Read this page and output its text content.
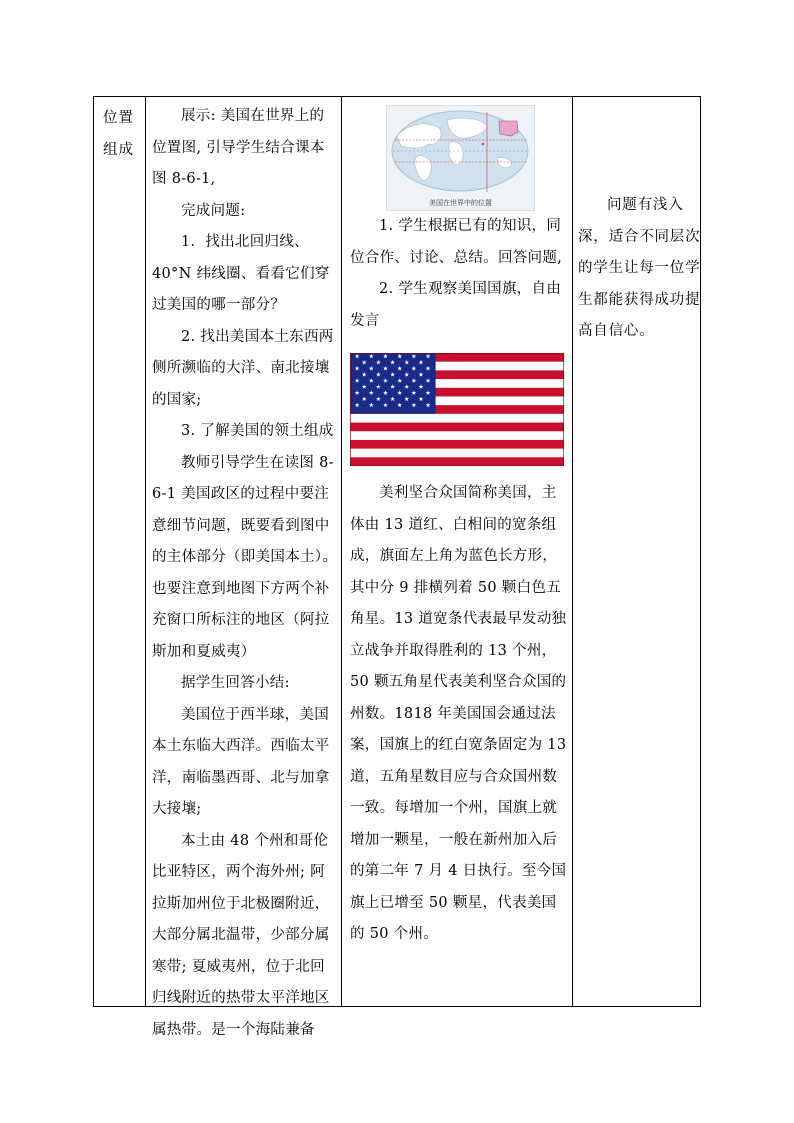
位置

组成

展示: 美国在世界上的位置图, 引导学生结合课本图 8-6-1,

完成问题:

1．找出北回归线、40°N 纬线圈、看看它们穿过美国的哪一部分？

2. 找出美国本土东西两侧所濒临的大洋、南北接壤的国家;

3. 了解美国的领土组成

教师引导学生在读图 8-6-1 美国政区的过程中要注意细节问题，既要看到图中的主体部分（即美国本土）。也要注意到地图下方两个补充窗口所标注的地区（阿拉斯加和夏威夷）

据学生回答小结:

美国位于西半球，美国本土东临大西洋。西临太平洋，南临墨西哥、北与加拿大接壤;

本土由 48 个州和哥伦比亚特区，两个海外州; 阿拉斯加州位于北极圈附近，大部分属北温带，少部分属寒带; 夏威夷州，位于北回归线附近的热带太平洋地区属热带。是一个海陆兼备

美国在世界中的位置

1. 学生根据已有的知识，同位合作、讨论、总结。回答问题,

2. 学生观察美国国旗，自由发言

美利坚合众国简称美国，主体由 13 道红、白相间的宽条组成，旗面左上角为蓝色长方形，其中分 9 排横列着 50 颗白色五角星。13 道宽条代表最早发动独立战争并取得胜利的 13 个州，50 颗五角星代表美利坚合众国的州数。1818 年美国国会通过法案，国旗上的红白宽条固定为 13 道，五角星数目应与合众国州数一致。每增加一个州，国旗上就增加一颗星，一般在新州加入后的第二年 7 月 4 日执行。至今国旗上已增至 50 颗星，代表美国的 50 个州。

问题有浅入深，适合不同层次的学生让每一位学生都能获得成功提高自信心。
